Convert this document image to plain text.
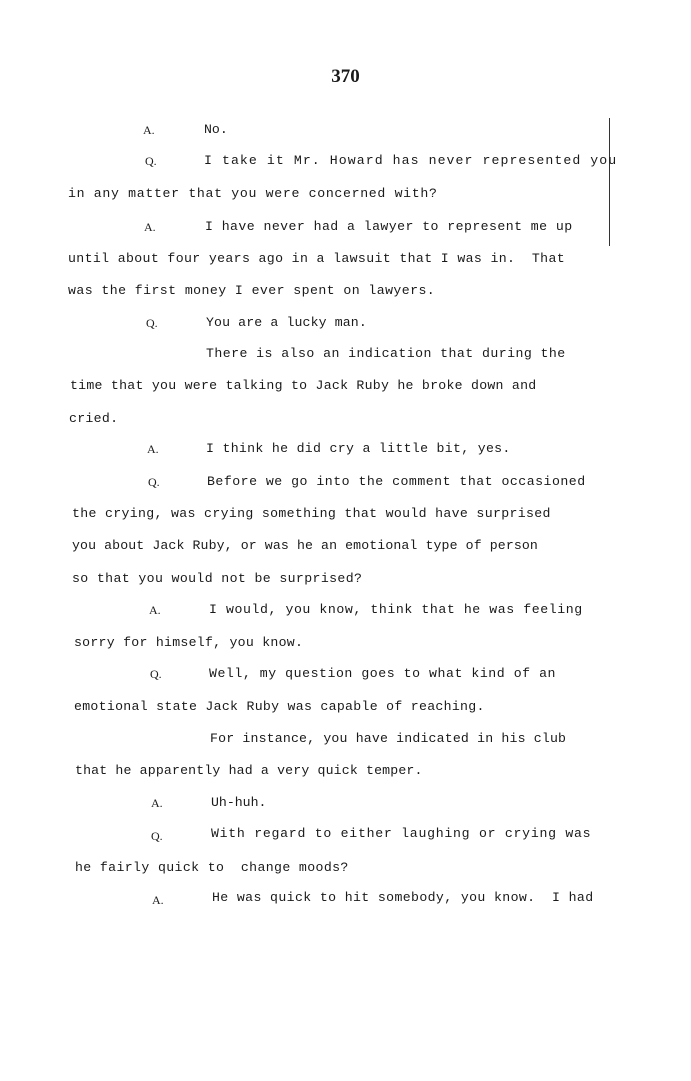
370
A.	No.
Q.	I take it Mr. Howard has never represented you
in any matter that you were concerned with?
A.	I have never had a lawyer to represent me up
until about four years ago in a lawsuit that I was in.  That
was the first money I ever spent on lawyers.
Q.	You are a lucky man.
There is also an indication that during the
time that you were talking to Jack Ruby he broke down and
cried.
A.	I think he did cry a little bit, yes.
Q.	Before we go into the comment that occasioned
the crying, was crying something that would have surprised
you about Jack Ruby, or was he an emotional type of person
so that you would not be surprised?
A.	I would, you know, think that he was feeling
sorry for himself, you know.
Q.	Well, my question goes to what kind of an
emotional state Jack Ruby was capable of reaching.
For instance, you have indicated in his club
that he apparently had a very quick temper.
A.	Uh-huh.
Q.	With regard to either laughing or crying was
he fairly quick to  change moods?
A.	He was quick to hit somebody, you know.  I had
